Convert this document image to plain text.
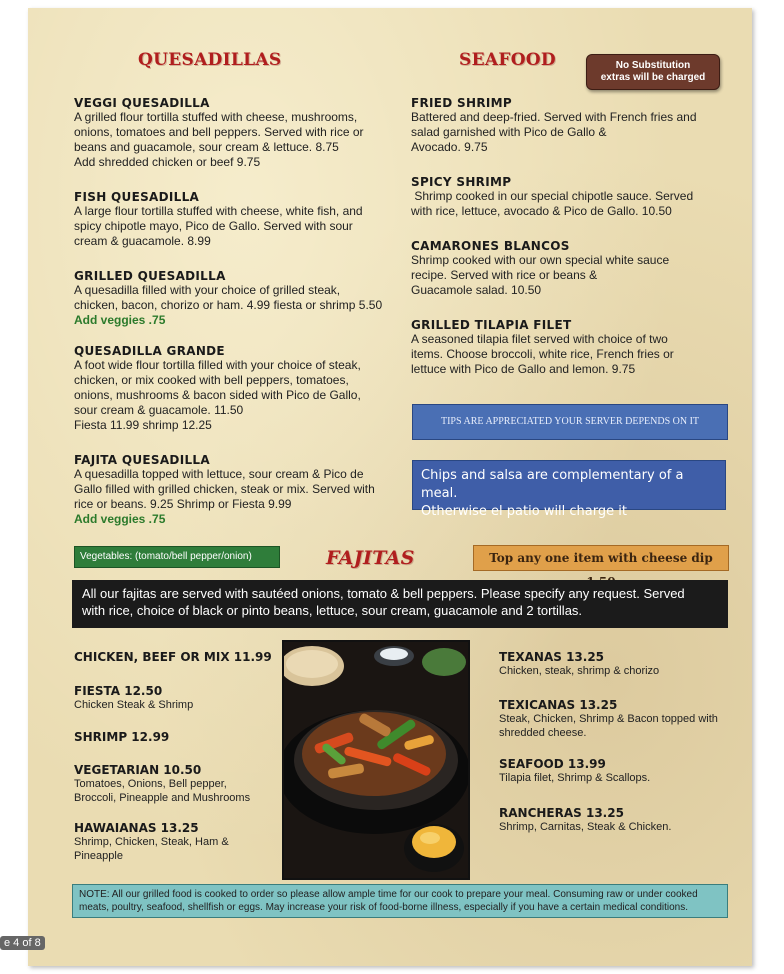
QUESADILLAS
VEGGI QUESADILLA
A grilled flour tortilla stuffed with cheese, mushrooms,
onions, tomatoes and bell peppers. Served with rice or
beans and guacamole, sour cream & lettuce. 8.75
Add shredded chicken or beef 9.75
FISH QUESADILLA
A large flour tortilla stuffed with cheese, white fish, and
spicy chipotle mayo, Pico de Gallo. Served with sour
cream & guacamole. 8.99
GRILLED QUESADILLA
A quesadilla filled with your choice of grilled steak,
chicken, bacon, chorizo or ham. 4.99 fiesta or shrimp 5.50
Add veggies .75
QUESADILLA GRANDE
A foot wide flour tortilla filled with your choice of steak,
chicken, or mix cooked with bell peppers, tomatoes,
onions, mushrooms & bacon sided with Pico de Gallo,
sour cream & guacamole. 11.50
Fiesta 11.99 shrimp 12.25
FAJITA QUESADILLA
A quesadilla topped with lettuce, sour cream & Pico de
Gallo filled with grilled chicken, steak or mix. Served with
rice or beans. 9.25 Shrimp or Fiesta 9.99
Add veggies .75
SEAFOOD	No Substitution
extras will be charged
FRIED SHRIMP
Battered and deep-fried. Served with French fries and
salad garnished with Pico de Gallo &
Avocado. 9.75
SPICY SHRIMP
Shrimp cooked in our special chipotle sauce. Served
with rice, lettuce, avocado & Pico de Gallo. 10.50
CAMARONES BLANCOS
Shrimp cooked with our own special white sauce
recipe. Served with rice or beans &
Guacamole salad. 10.50
GRILLED TILAPIA FILET
A seasoned tilapia filet served with choice of two
items. Choose broccoli, white rice, French fries or
lettuce with Pico de Gallo and lemon. 9.75
TIPS ARE APPRECIATED YOUR SERVER DEPENDS ON IT
Chips and salsa are complementary of a meal.
Otherwise el patio will charge it
Vegetables: (tomato/bell pepper/onion)	FAJITAS	Top any one item with cheese dip
All our fajitas are served with sautéed onions, tomato & bell peppers. Please specify any request. Served
with rice, choice of black or pinto beans, lettuce, sour cream, guacamole and 2 tortillas.
CHICKEN, BEEF OR MIX 11.99
FIESTA 12.50
Chicken Steak & Shrimp
SHRIMP 12.99
VEGETARIAN 10.50
Tomatoes, Onions, Bell pepper,
Broccoli, Pineapple and Mushrooms
HAWAIANAS 13.25
Shrimp, Chicken, Steak, Ham &
Pineapple
TEXANAS 13.25
Chicken, steak, shrimp & chorizo
TEXICANAS 13.25
Steak, Chicken, Shrimp & Bacon topped with
shredded cheese.
SEAFOOD 13.99
Tilapia filet, Shrimp & Scallops.
RANCHERAS 13.25
Shrimp, Carnitas, Steak & Chicken.
NOTE: All our grilled food is cooked to order so please allow ample time for our cook to prepare your meal. Consuming raw or under cooked
meats, poultry, seafood, shellfish or eggs. May increase your risk of food-borne illness, especially if you have a certain medical conditions.
e 4 of 8
